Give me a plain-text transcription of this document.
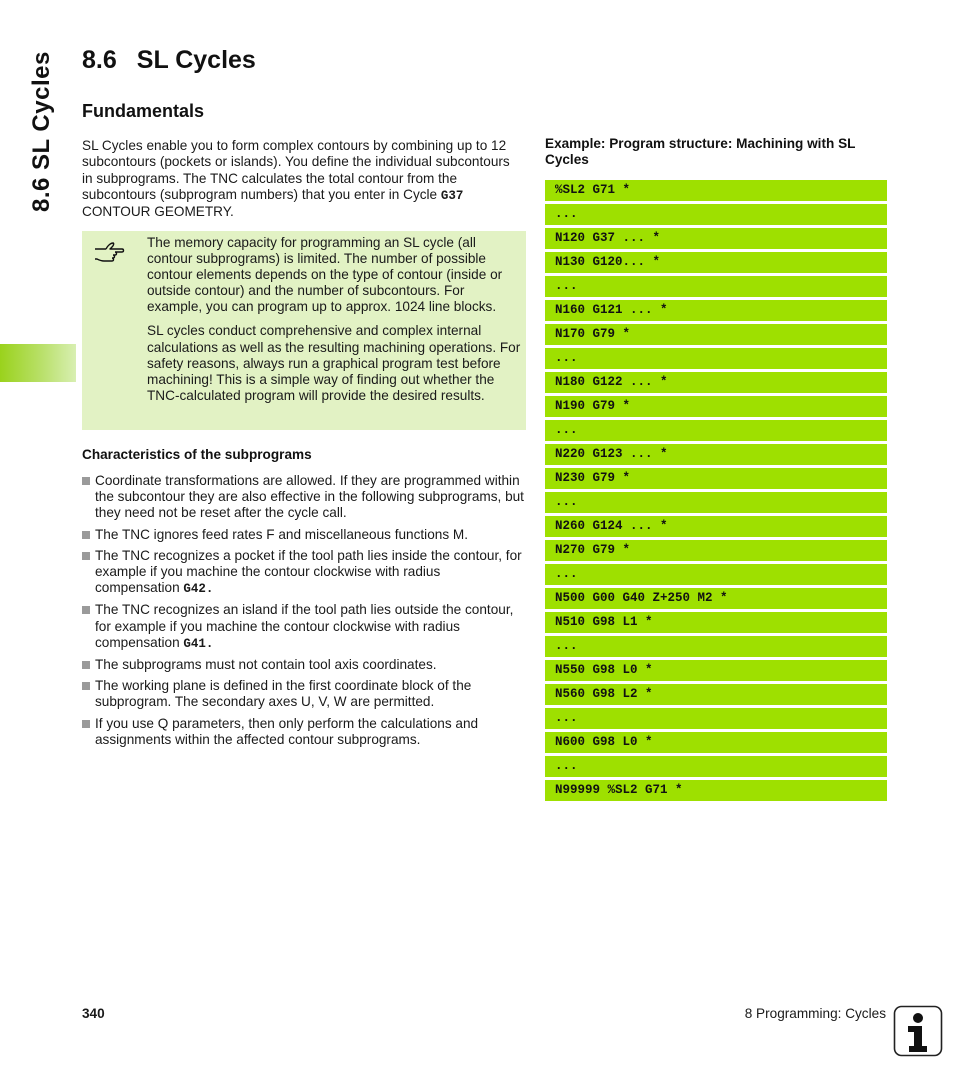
8.6 SL Cycles 8.6 SL Cycles
Fundamentals
SL Cycles enable you to form complex contours by combining up to 12 subcontours (pockets or islands). You define the individual subcontours in subprograms. The TNC calculates the total contour from the subcontours (subprogram numbers) that you enter in Cycle G37 CONTOUR GEOMETRY.

The memory capacity for programming an SL cycle (all contour subprograms) is limited. The number of possible contour elements depends on the type of contour (inside or outside contour) and the number of subcontours. For example, you can program up to approx. 1024 line blocks.

SL cycles conduct comprehensive and complex internal calculations as well as the resulting machining operations. For safety reasons, always run a graphical program test before machining! This is a simple way of finding out whether the TNC-calculated program will provide the desired results.

Characteristics of the subprograms
Coordinate transformations are allowed. If they are programmed within the subcontour they are also effective in the following subprograms, but they need not be reset after the cycle call.
The TNC ignores feed rates F and miscellaneous functions M.
The TNC recognizes a pocket if the tool path lies inside the contour, for example if you machine the contour clockwise with radius compensation G42.
The TNC recognizes an island if the tool path lies outside the contour, for example if you machine the contour clockwise with radius compensation G41.
The subprograms must not contain tool axis coordinates.
The working plane is defined in the first coordinate block of the subprogram. The secondary axes U, V, W are permitted.
If you use Q parameters, then only perform the calculations and assignments within the affected contour subprograms.
Example: Program structure: Machining with SL Cycles
%SL2 G71 *
...
N120 G37 ... *
N130 G120... *
...
N160 G121 ... *
N170 G79 *
...
N180 G122 ... *
N190 G79 *
...
N220 G123 ... *
N230 G79 *
...
N260 G124 ... *
N270 G79 *
...
N500 G00 G40 Z+250 M2 *
N510 G98 L1 *
...
N550 G98 L0 *
N560 G98 L2 *
...
N600 G98 L0 *
...
N99999 %SL2 G71 *
340	8 Programming: Cycles
